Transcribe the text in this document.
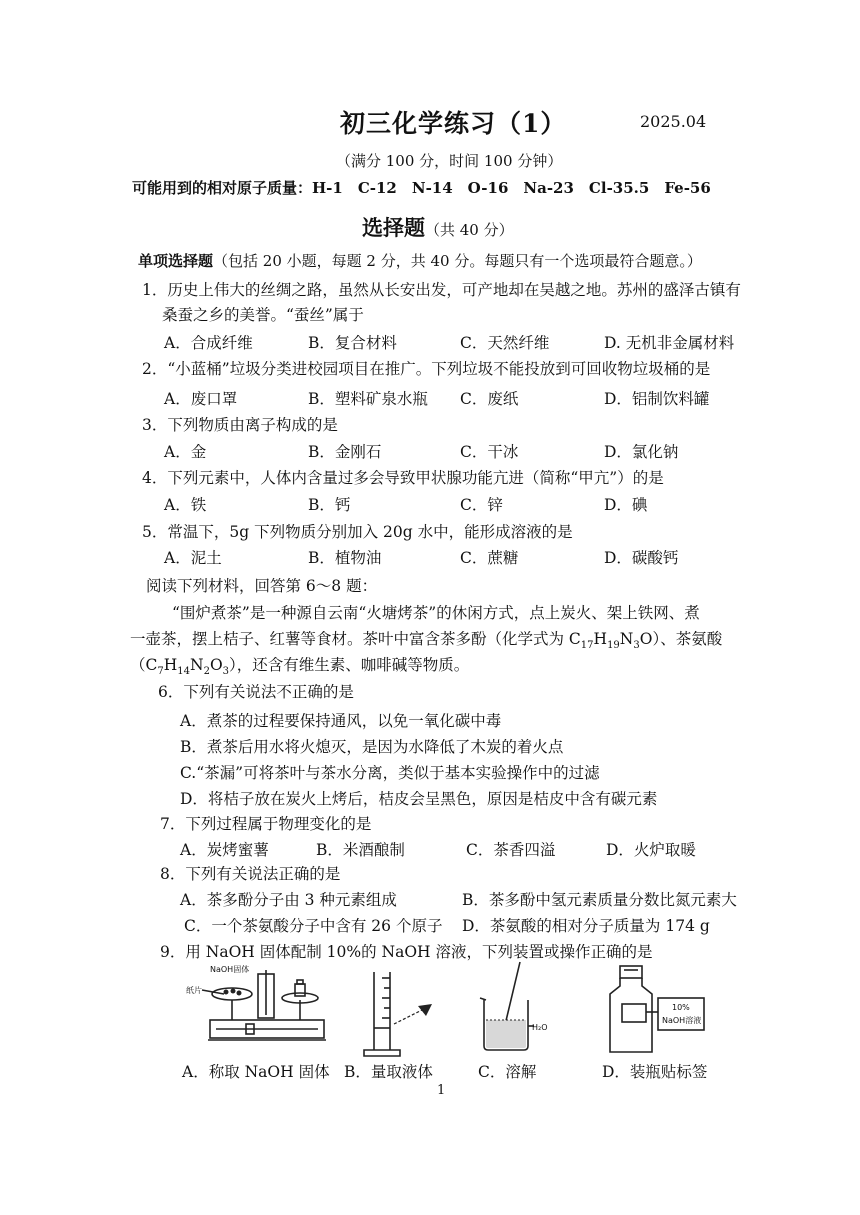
初三化学练习（1）	2025.04
（满分 100 分，时间 100 分钟）
可能用到的相对原子质量：H-1　C-12　N-14　O-16　Na-23　Cl-35.5　Fe-56
选择题（共 40 分）
单项选择题（包括 20 小题，每题 2 分，共 40 分。每题只有一个选项最符合题意。）
1．历史上伟大的丝绸之路，虽然从长安出发，可产地却在吴越之地。苏州的盛泽古镇有
桑蚕之乡的美誉。“蚕丝”属于
A．合成纤维	B．复合材料	C．天然纤维	D. 无机非金属材料
2．“小蓝桶”垃圾分类进校园项目在推广。下列垃圾不能投放到可回收物垃圾桶的是
A．废口罩	B．塑料矿泉水瓶 C．废纸	D．铝制饮料罐
3．下列物质由离子构成的是
A．金	B．金刚石	C．干冰	D．氯化钠
4．下列元素中，人体内含量过多会导致甲状腺功能亢进（简称“甲亢”）的是
A．铁	B．钙	C．锌	D．碘
5．常温下，5g 下列物质分别加入 20g 水中，能形成溶液的是
A．泥土	B．植物油	C．蔗糖	D．碳酸钙
阅读下列材料，回答第 6～8 题：
“围炉煮茶”是一种源自云南“火塘烤茶”的休闲方式，点上炭火、架上铁网、煮
一壶茶，摆上桔子、红薯等食材。茶叶中富含茶多酚（化学式为 $C_{17}H_{19}N_3O$）、茶氨酸
$(C_7H_{14}N_2O_3)$，还含有维生素、咖啡碱等物质。
6．下列有关说法不正确的是
A．煮茶的过程要保持通风，以免一氧化碳中毒
B．煮茶后用水将火熄灭，是因为水降低了木炭的着火点
C.“茶漏”可将茶叶与茶水分离，类似于基本实验操作中的过滤
D．将桔子放在炭火上烤后，桔皮会呈黑色，原因是桔皮中含有碳元素
7．下列过程属于物理变化的是
A．炭烤蜜薯	B．米酒酿制	C．茶香四溢	D．火炉取暖
8．下列有关说法正确的是
A．茶多酚分子由 3 种元素组成	B．茶多酚中氢元素质量分数比氮元素大
C．一个茶氨酸分子中含有 26 个原子 D．茶氨酸的相对分子质量为 174 g
9．用 NaOH 固体配制 10%的 NaOH 溶液，下列装置或操作正确的是
NaOH固体
纸片
H₂O
10%
NaOH溶液
A．称取 NaOH 固体 B．量取液体	C．溶解	D．装瓶贴标签
1
